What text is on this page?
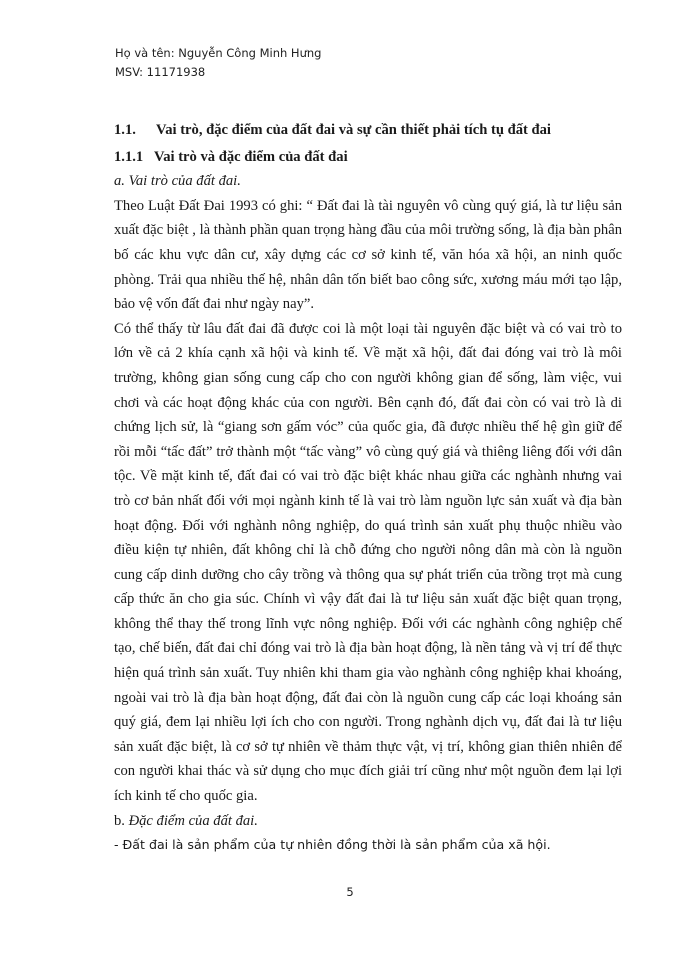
Họ và tên: Nguyễn Công Minh Hưng
MSV: 11171938
1.1. Vai trò, đặc điểm của đất đai và sự cần thiết phải tích tụ đất đai
1.1.1 Vai trò và đặc điểm của đất đai
a. Vai trò của đất đai.

Theo Luật Đất Đai 1993 có ghi: “ Đất đai là tài nguyên vô cùng quý giá, là tư liệu sản xuất đặc biệt , là thành phần quan trọng hàng đầu của môi trường sống, là địa bàn phân bố các khu vực dân cư, xây dựng các cơ sở kinh tế, văn hóa xã hội, an ninh quốc phòng. Trải qua nhiều thế hệ, nhân dân tốn biết bao công sức, xương máu mới tạo lập, bảo vệ vốn đất đai như ngày nay”.

Có thể thấy từ lâu đất đai đã được coi là một loại tài nguyên đặc biệt và có vai trò to lớn về cả 2 khía cạnh xã hội và kinh tế. Về mặt xã hội, đất đai đóng vai trò là môi trường, không gian sống cung cấp cho con người không gian để sống, làm việc, vui chơi và các hoạt động khác của con người. Bên cạnh đó, đất đai còn có vai trò là di chứng lịch sử, là “giang sơn gấm vóc” của quốc gia, đã được nhiều thế hệ gìn giữ để rồi mỗi “tấc đất” trở thành một “tấc vàng” vô cùng quý giá và thiêng liêng đối với dân tộc. Về mặt kinh tế, đất đai có vai trò đặc biệt khác nhau giữa các nghành nhưng vai trò cơ bản nhất đối với mọi ngành kinh tế là vai trò làm nguồn lực sản xuất và địa bàn hoạt động. Đối với nghành nông nghiệp, do quá trình sản xuất phụ thuộc nhiều vào điều kiện tự nhiên, đất không chỉ là chỗ đứng cho người nông dân mà còn là nguồn cung cấp dinh dưỡng cho cây trồng và thông qua sự phát triển của trồng trọt mà cung cấp thức ăn cho gia súc. Chính vì vậy đất đai là tư liệu sản xuất đặc biệt quan trọng, không thể thay thế trong lĩnh vực nông nghiệp. Đối với các nghành công nghiệp chế tạo, chế biến, đất đai chỉ đóng vai trò là địa bàn hoạt động, là nền tảng và vị trí để thực hiện quá trình sản xuất. Tuy nhiên khi tham gia vào nghành công nghiệp khai khoáng, ngoài vai trò là địa bàn hoạt động, đất đai còn là nguồn cung cấp các loại khoáng sản quý giá, đem lại nhiều lợi ích cho con người. Trong nghành dịch vụ, đất đai là tư liệu sản xuất đặc biệt, là cơ sở tự nhiên về thảm thực vật, vị trí, không gian thiên nhiên để con người khai thác và sử dụng cho mục đích giải trí cũng như một nguồn đem lại lợi ích kinh tế cho quốc gia.

b. Đặc điểm của đất đai.
- Đất đai là sản phẩm của tự nhiên đồng thời là sản phẩm của xã hội.
5
